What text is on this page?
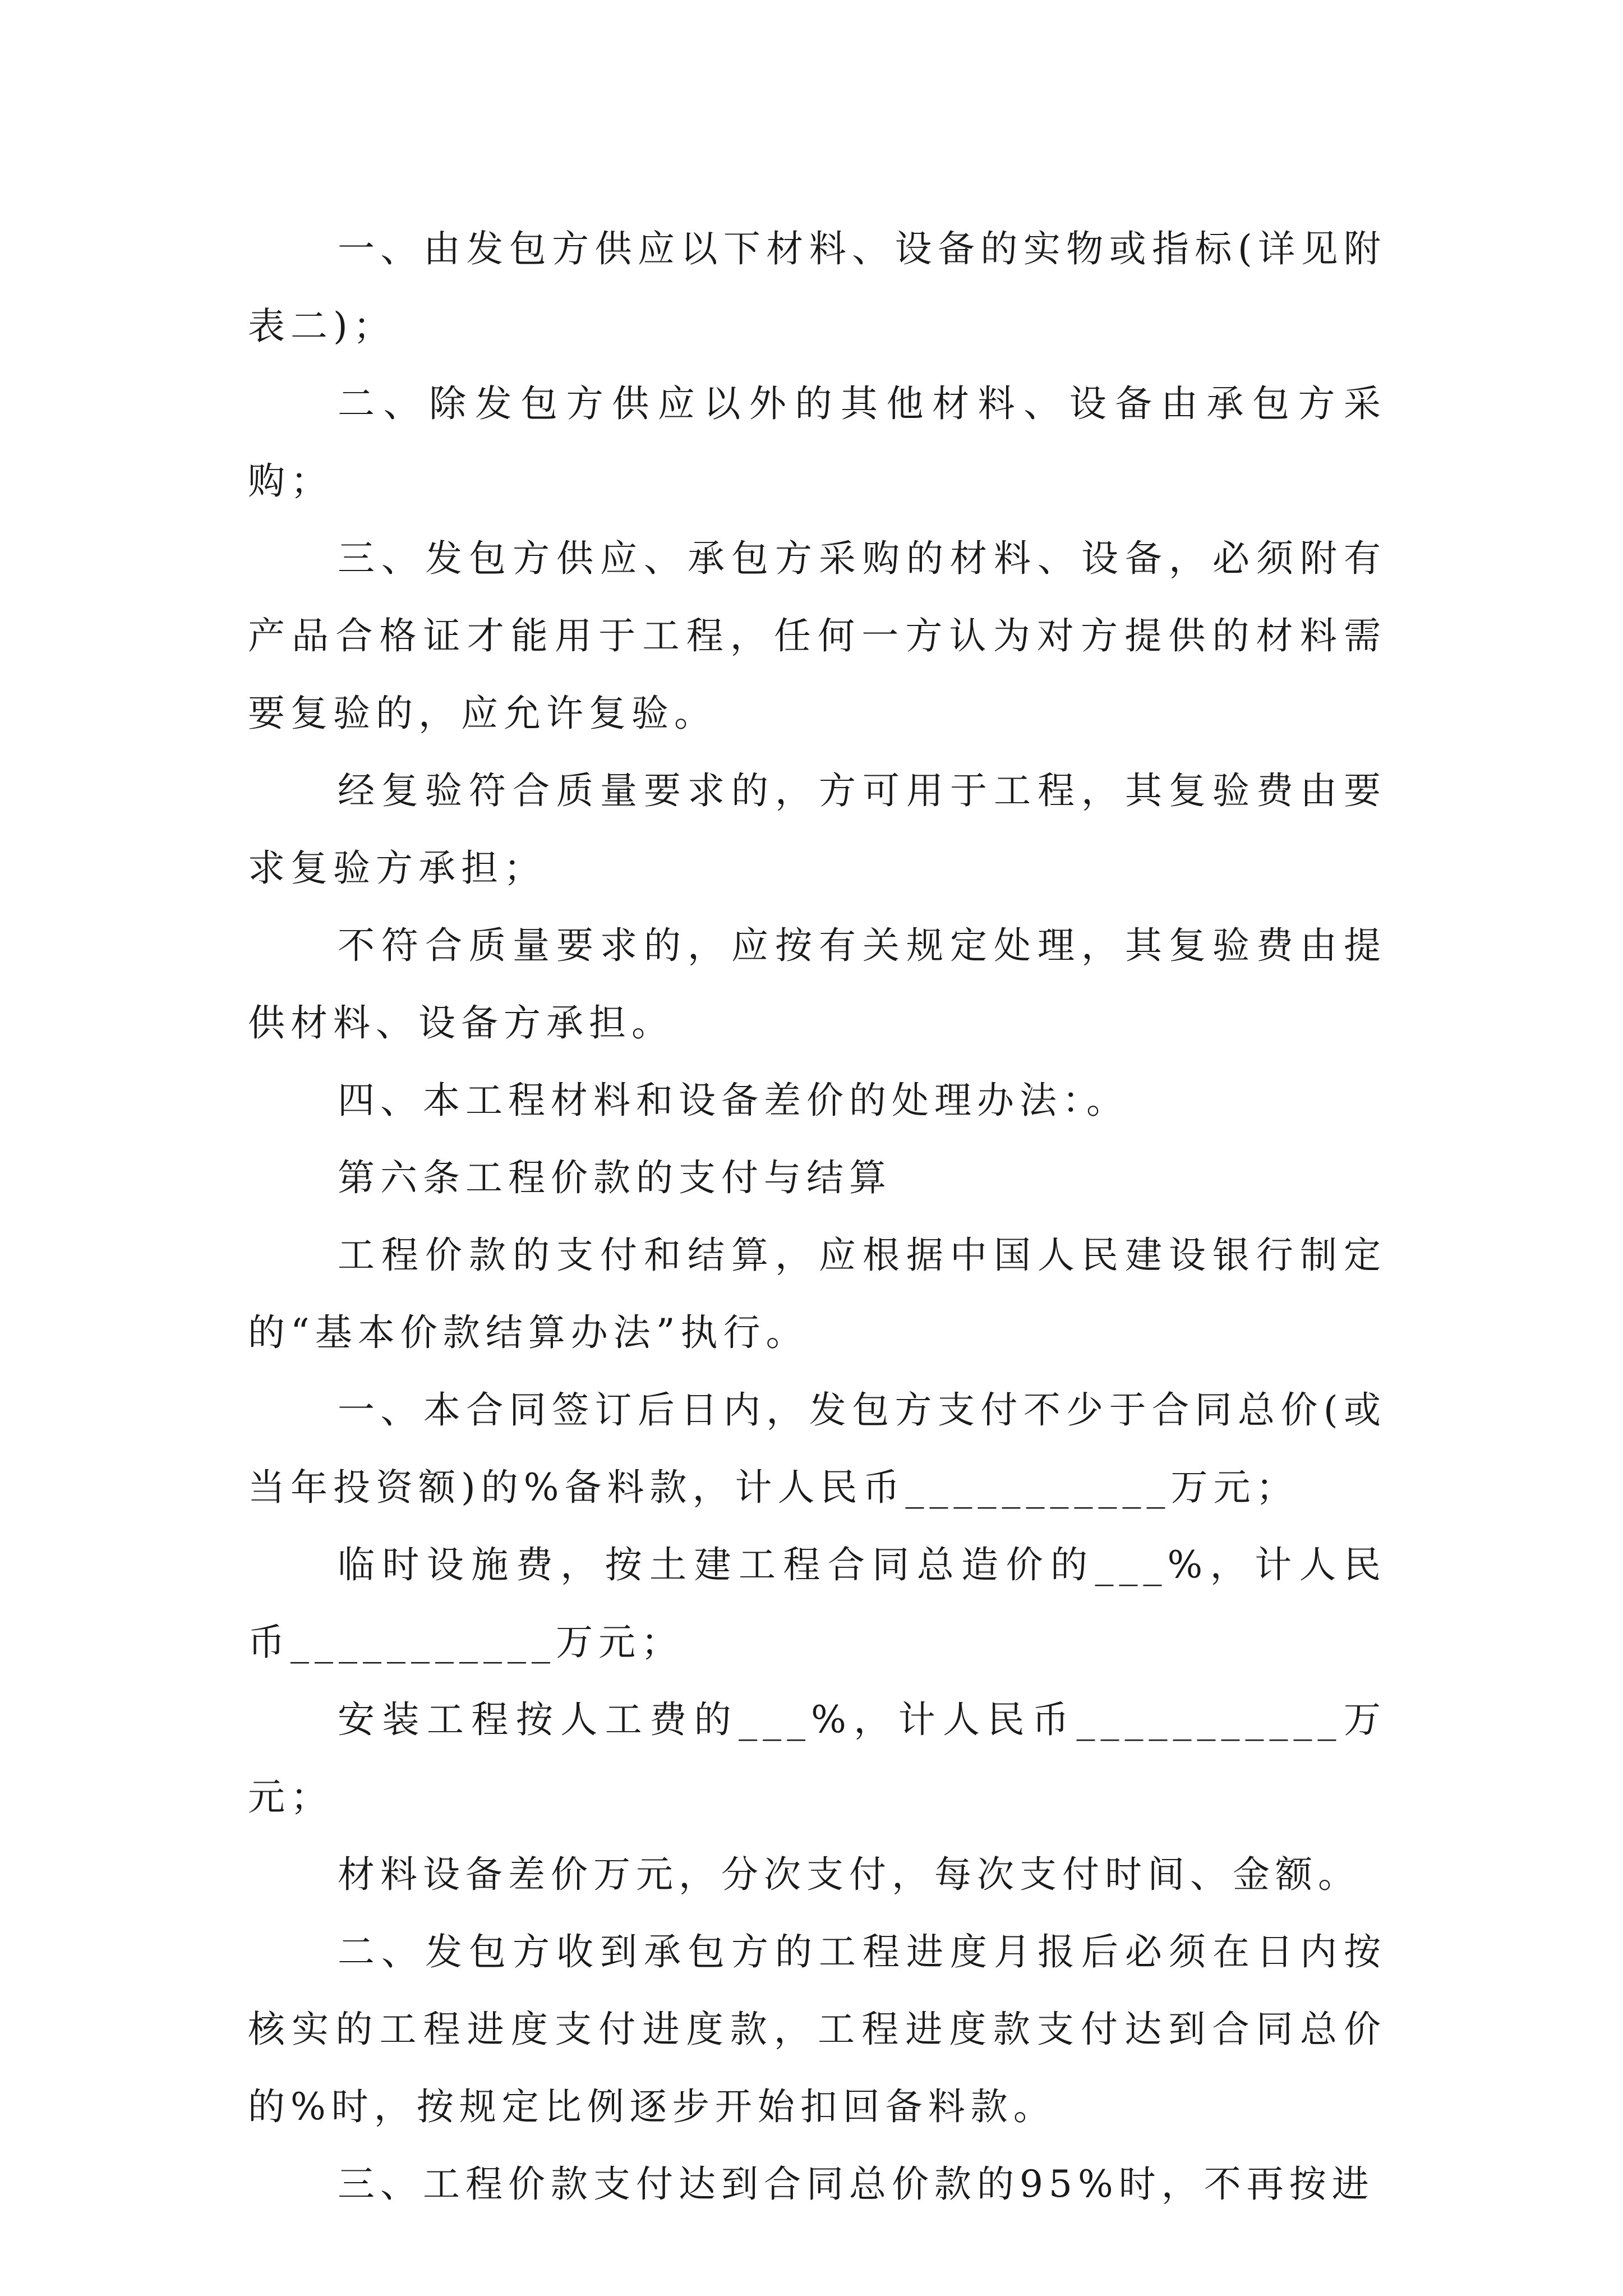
一、由发包方供应以下材料、设备的实物或指标(详见附表二)；

二、除发包方供应以外的其他材料、设备由承包方采购；

三、发包方供应、承包方采购的材料、设备，必须附有产品合格证才能用于工程，任何一方认为对方提供的材料需要复验的，应允许复验。

经复验符合质量要求的，方可用于工程，其复验费由要求复验方承担；

不符合质量要求的，应按有关规定处理，其复验费由提供材料、设备方承担。

四、本工程材料和设备差价的处理办法：。

第六条工程价款的支付与结算

工程价款的支付和结算，应根据中国人民建设银行制定的“基本价款结算办法”执行。

一、本合同签订后日内，发包方支付不少于合同总价(或当年投资额)的%备料款，计人民币___________万元；

临时设施费，按土建工程合同总造价的___%，计人民币___________万元；

安装工程按人工费的___%，计人民币___________万元；

材料设备差价万元，分次支付，每次支付时间、金额。

二、发包方收到承包方的工程进度月报后必须在日内按核实的工程进度支付进度款，工程进度款支付达到合同总价的%时，按规定比例逐步开始扣回备料款。

三、工程价款支付达到合同总价款的95%时，不再按进
